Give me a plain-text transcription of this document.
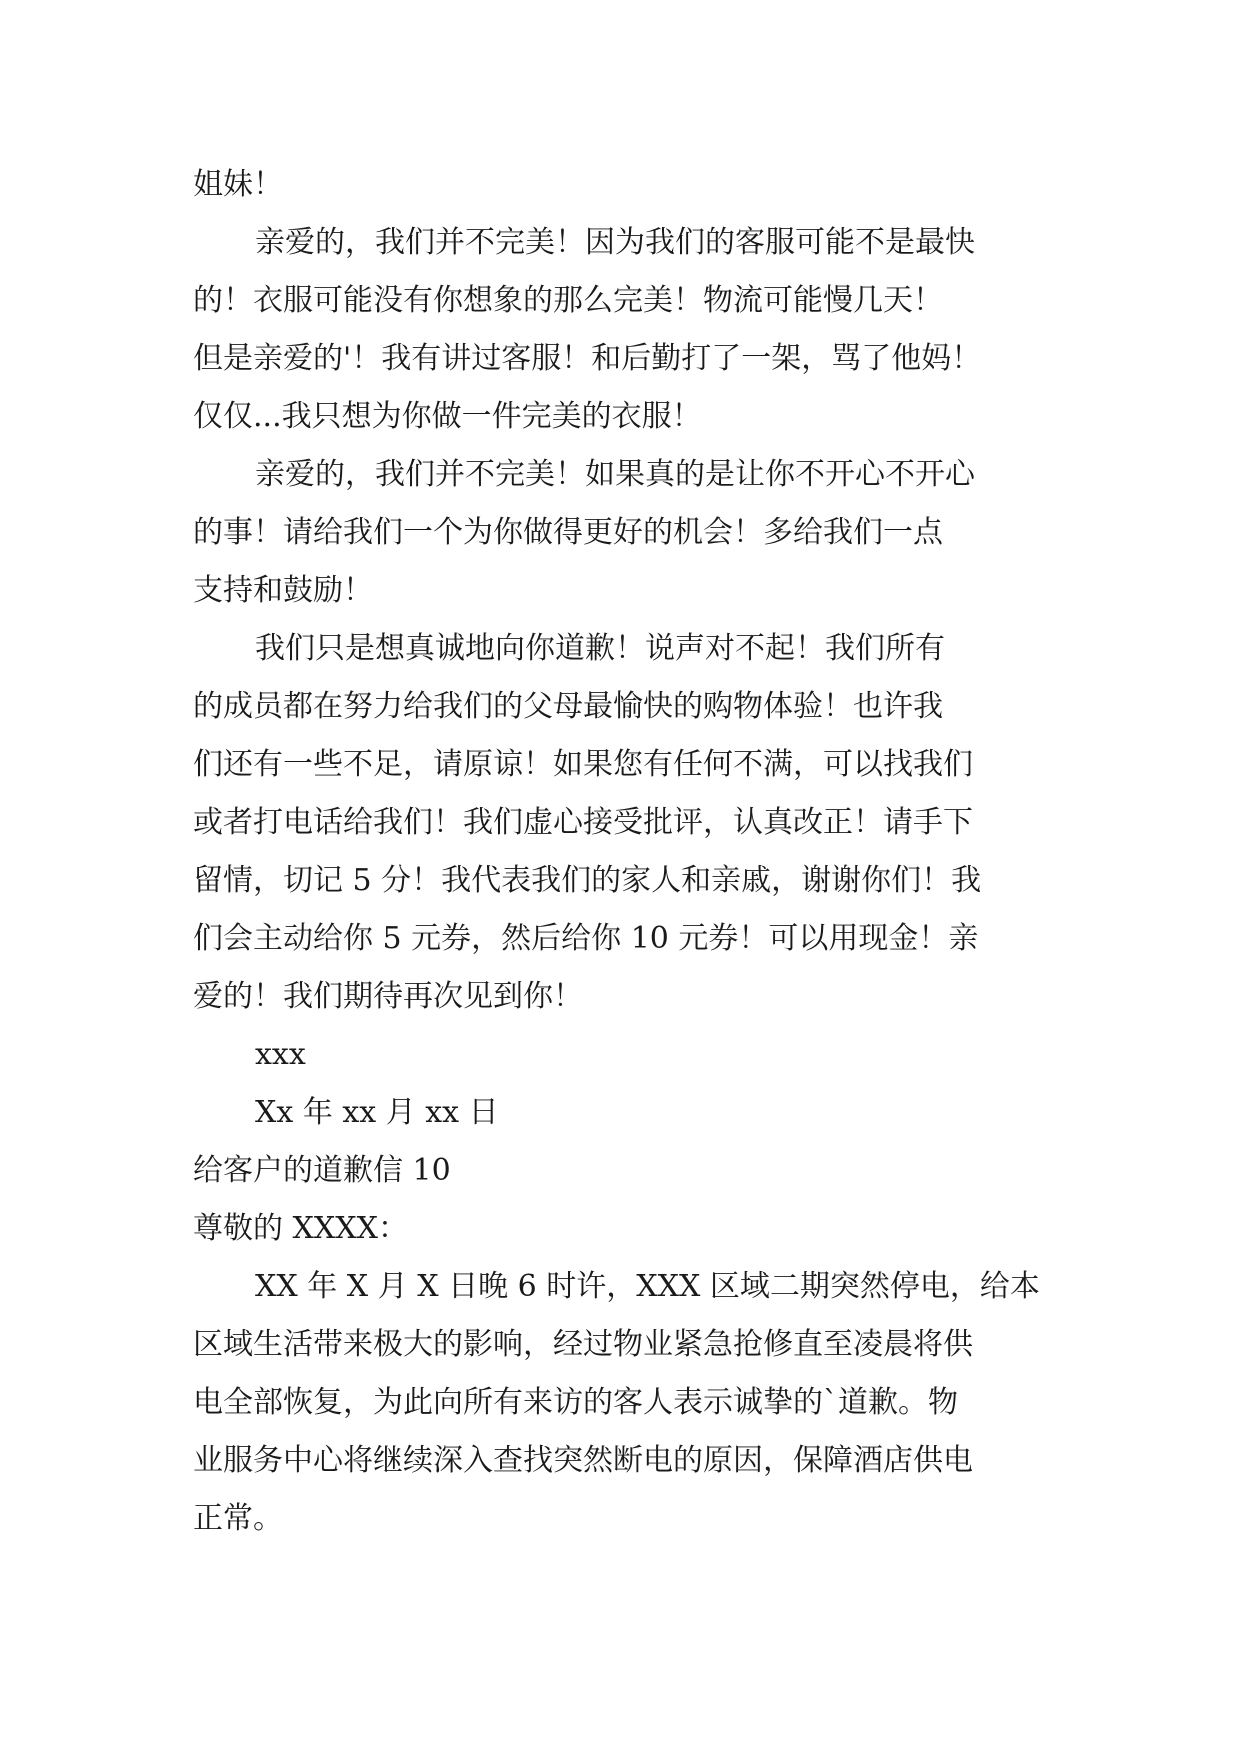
姐妹！

亲爱的，我们并不完美！因为我们的客服可能不是最快

的！衣服可能没有你想象的那么完美！物流可能慢几天！

但是亲爱的'！我有讲过客服！和后勤打了一架，骂了他妈！

仅仅...我只想为你做一件完美的衣服！

亲爱的，我们并不完美！如果真的是让你不开心不开心

的事！请给我们一个为你做得更好的机会！多给我们一点

支持和鼓励！

我们只是想真诚地向你道歉！说声对不起！我们所有

的成员都在努力给我们的父母最愉快的购物体验！也许我

们还有一些不足，请原谅！如果您有任何不满，可以找我们

或者打电话给我们！我们虚心接受批评，认真改正！请手下

留情，切记 5 分！我代表我们的家人和亲戚，谢谢你们！我

们会主动给你 5 元券，然后给你 10 元券！可以用现金！亲

爱的！我们期待再次见到你！

xxx

Xx 年 xx 月 xx 日

给客户的道歉信 10

尊敬的 XXXX：

XX 年 X 月 X 日晚 6 时许，XXX 区域二期突然停电，给本

区域生活带来极大的影响，经过物业紧急抢修直至凌晨将供

电全部恢复，为此向所有来访的客人表示诚挚的`道歉。物

业服务中心将继续深入查找突然断电的原因，保障酒店供电

正常。
